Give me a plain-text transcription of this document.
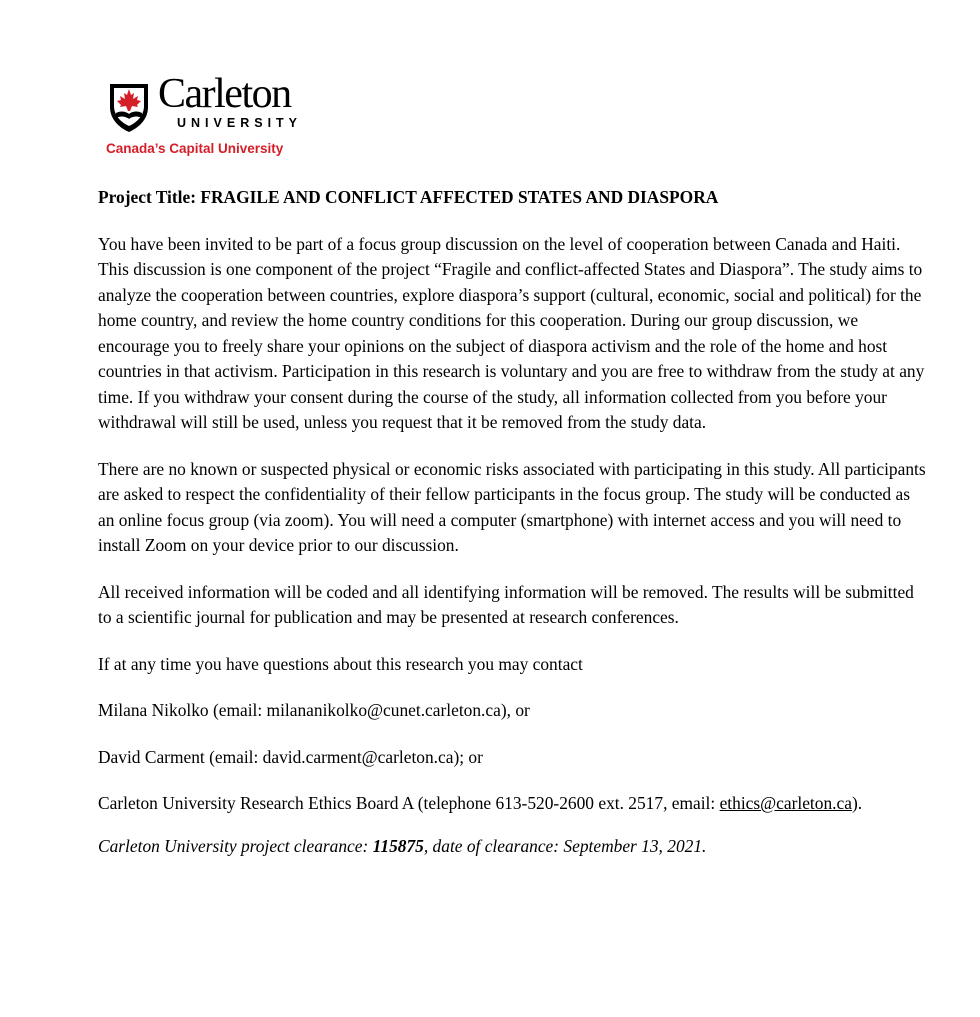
Carleton
UNIVERSITY
Canada’s Capital University

Project Title: FRAGILE AND CONFLICT AFFECTED STATES AND DIASPORA

You have been invited to be part of a focus group discussion on the level of cooperation between Canada and Haiti. This discussion is one component of the project “Fragile and conflict-affected States and Diaspora”. The study aims to analyze the cooperation between countries, explore diaspora’s support (cultural, economic, social and political) for the home country, and review the home country conditions for this cooperation. During our group discussion, we encourage you to freely share your opinions on the subject of diaspora activism and the role of the home and host countries in that activism. Participation in this research is voluntary and you are free to withdraw from the study at any time. If you withdraw your consent during the course of the study, all information collected from you before your withdrawal will still be used, unless you request that it be removed from the study data.

There are no known or suspected physical or economic risks associated with participating in this study. All participants are asked to respect the confidentiality of their fellow participants in the focus group. The study will be conducted as an online focus group (via zoom). You will need a computer (smartphone) with internet access and you will need to install Zoom on your device prior to our discussion.

All received information will be coded and all identifying information will be removed. The results will be submitted to a scientific journal for publication and may be presented at research conferences.

If at any time you have questions about this research you may contact

Milana Nikolko (email: milananikolko@cunet.carleton.ca), or

David Carment (email: david.carment@carleton.ca); or

Carleton University Research Ethics Board A (telephone 613-520-2600 ext. 2517, email: ethics@carleton.ca).

Carleton University project clearance: 115875, date of clearance: September 13, 2021.
